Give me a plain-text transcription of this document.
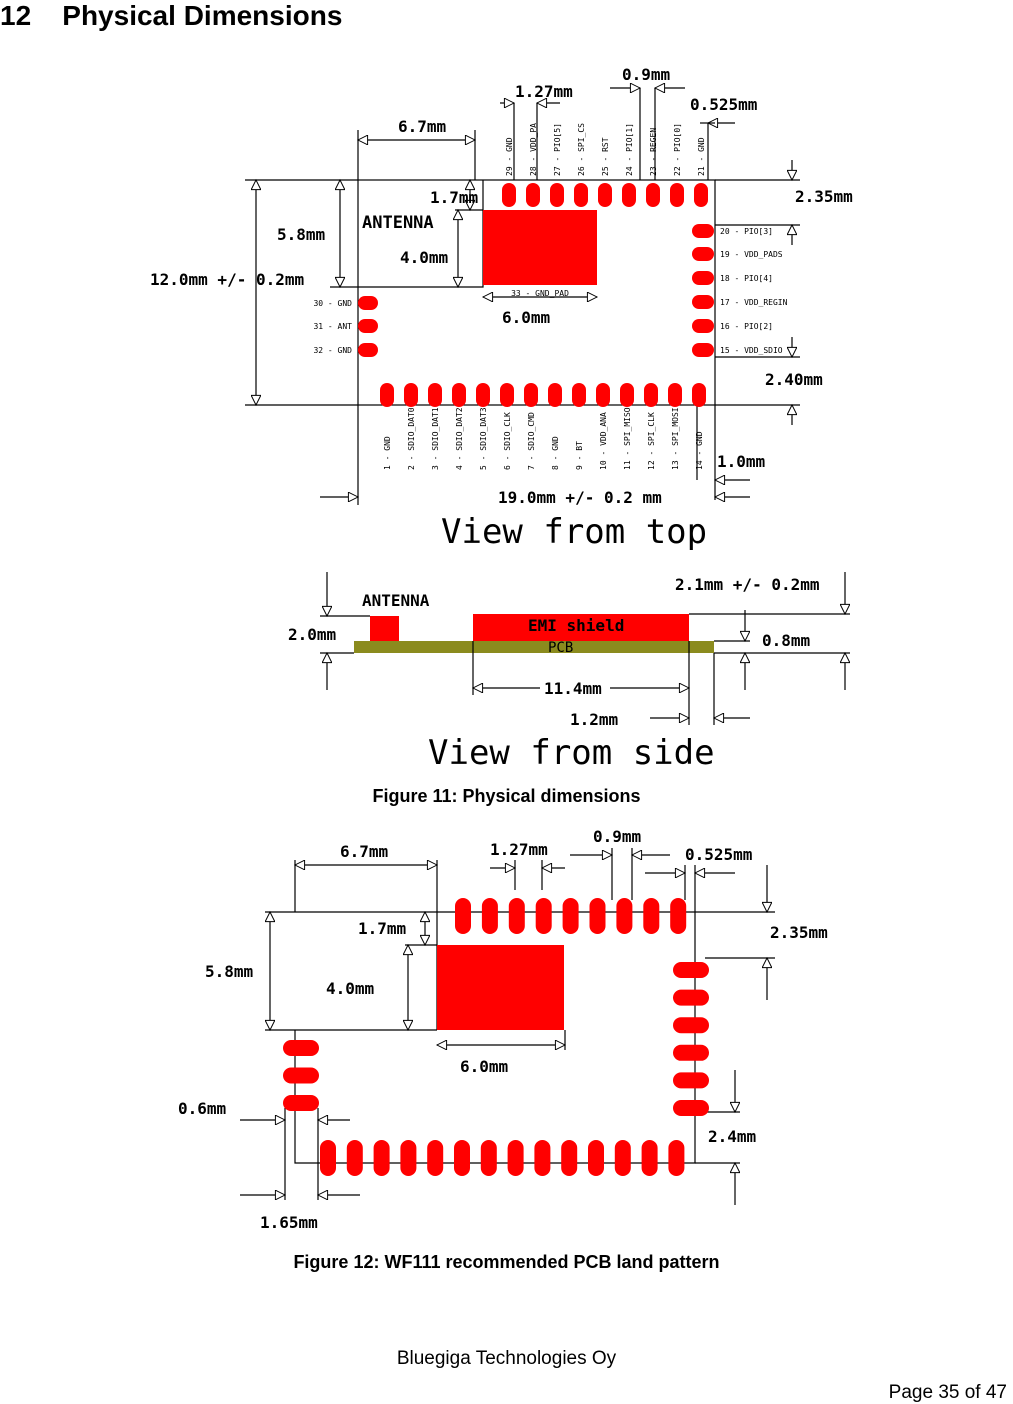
12 Physical Dimensions
33 - GND_PAD
29 - GND 28 - VDD_PA 27 - PIO[5] 26 - SPI_CS 25 - RST 24 - PIO[1] 23 - REGEN 22 - PIO[0] 21 - GND
20 - PIO[3]
19 - VDD_PADS
18 - PIO[4]
17 - VDD_REGIN
16 - PIO[2]
15 - VDD_SDIO
30 - GND
31 - ANT
32 - GND
1 - GND 2 - SDIO_DAT0 3 - SDIO_DAT1 4 - SDIO_DAT2 5 - SDIO_DAT3 6 - SDIO_CLK 7 - SDIO_CMD 8 - GND 9 - BT 10 - VDD_ANA 11 - SPI_MISO 12 - SPI_CLK 13 - SPI_MOSI 14 - GND
ANTENNA
6.7mm
1.27mm
0.9mm
0.525mm
2.35mm
5.8mm
1.7mm
4.0mm
12.0mm +/- 0.2mm
6.0mm
2.40mm
1.0mm
19.0mm +/- 0.2 mm
View from top
ANTENNA
EMI shield
PCB
2.0mm
2.1mm +/- 0.2mm
0.8mm
11.4mm
1.2mm
View from side
Figure 11: Physical dimensions
6.7mm	1.27mm
0.9mm
0.525mm
2.35mm
5.8mm
1.7mm
4.0mm
6.0mm
0.6mm
2.4mm
1.65mm
Figure 12: WF111 recommended PCB land pattern
Bluegiga Technologies Oy
Page 35 of 47
